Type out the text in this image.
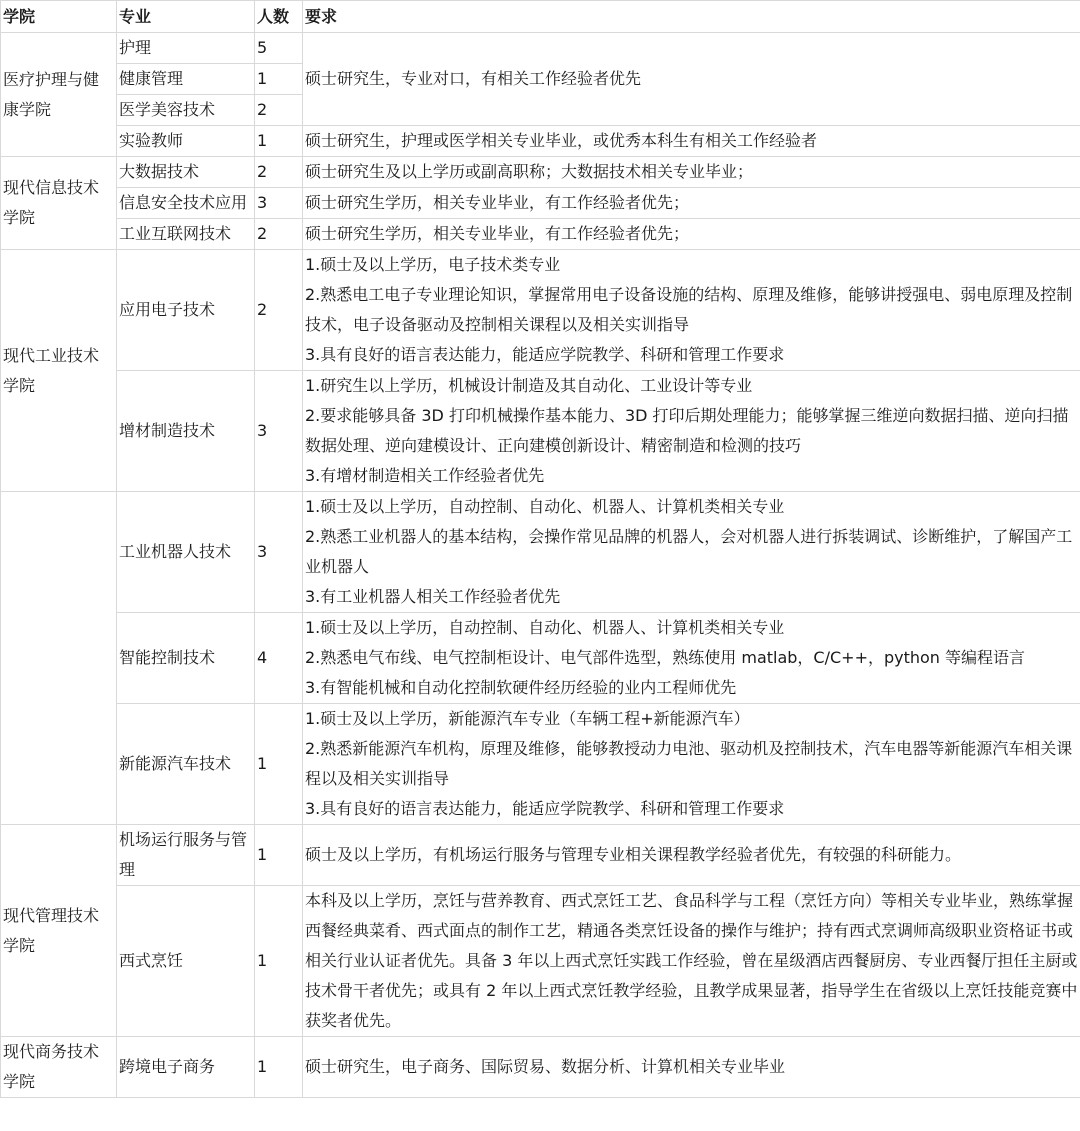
学院	专业	人数	要求
医疗护理与健康学院	护理	5	硕士研究生，专业对口，有相关工作经验者优先
	健康管理	1	
	医学美容技术	2	
	实验教师	1	硕士研究生，护理或医学相关专业毕业，或优秀本科生有相关工作经验者
现代信息技术学院	大数据技术	2	硕士研究生及以上学历或副高职称；大数据技术相关专业毕业；
	信息安全技术应用	3	硕士研究生学历，相关专业毕业，有工作经验者优先；
	工业互联网技术	2	硕士研究生学历，相关专业毕业，有工作经验者优先；
现代工业技术学院	应用电子技术	2	1.硕士及以上学历，电子技术类专业
2.熟悉电工电子专业理论知识，掌握常用电子设备设施的结构、原理及维修，能够讲授强电、弱电原理及控制技术，电子设备驱动及控制相关课程以及相关实训指导
3.具有良好的语言表达能力，能适应学院教学、科研和管理工作要求

	增材制造技术	3	1.研究生以上学历，机械设计制造及其自动化、工业设计等专业
2.要求能够具备 3D 打印机械操作基本能力、3D 打印后期处理能力；能够掌握三维逆向数据扫描、逆向扫描数据处理、逆向建模设计、正向建模创新设计、精密制造和检测的技巧
3.有增材制造相关工作经验者优先

	工业机器人技术	3	1.硕士及以上学历，自动控制、自动化、机器人、计算机类相关专业
2.熟悉工业机器人的基本结构，会操作常见品牌的机器人，会对机器人进行拆装调试、诊断维护，了解国产工业机器人
3.有工业机器人相关工作经验者优先

	智能控制技术	4	1.硕士及以上学历，自动控制、自动化、机器人、计算机类相关专业
2.熟悉电气布线、电气控制柜设计、电气部件选型，熟练使用 matlab，C/C++，python 等编程语言
3.有智能机械和自动化控制软硬件经历经验的业内工程师优先

	新能源汽车技术	1	1.硕士及以上学历，新能源汽车专业（车辆工程+新能源汽车）
2.熟悉新能源汽车机构，原理及维修，能够教授动力电池、驱动机及控制技术，汽车电器等新能源汽车相关课程以及相关实训指导
3.具有良好的语言表达能力，能适应学院教学、科研和管理工作要求

现代管理技术学院	机场运行服务与管理	1	硕士及以上学历，有机场运行服务与管理专业相关课程教学经验者优先，有较强的科研能力。
	西式烹饪	1	本科及以上学历，烹饪与营养教育、西式烹饪工艺、食品科学与工程（烹饪方向）等相关专业毕业，熟练掌握西餐经典菜肴、西式面点的制作工艺，精通各类烹饪设备的操作与维护；持有西式烹调师高级职业资格证书或相关行业认证者优先。具备 3 年以上西式烹饪实践工作经验，曾在星级酒店西餐厨房、专业西餐厅担任主厨或技术骨干者优先；或具有 2 年以上西式烹饪教学经验，且教学成果显著，指导学生在省级以上烹饪技能竞赛中获奖者优先。
现代商务技术学院	跨境电子商务	1	硕士研究生，电子商务、国际贸易、数据分析、计算机相关专业毕业
